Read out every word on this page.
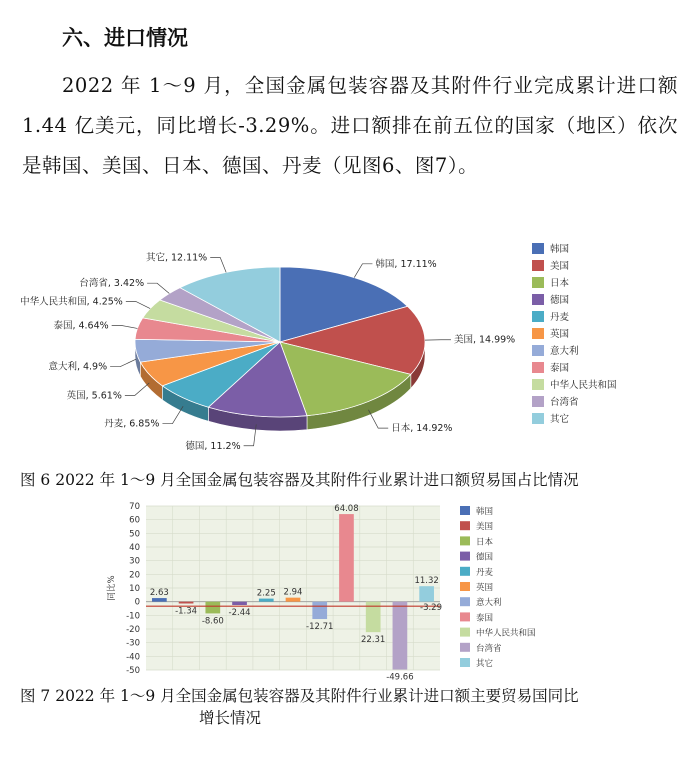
六、进口情况

2022 年 1～9 月，全国金属包装容器及其附件行业完成累计进口额 1.44 亿美元，同比增长-3.29%。进口额排在前五位的国家（地区）依次是韩国、美国、日本、德国、丹麦（见图6、图7）。

韩国, 17.11%
美国, 14.99%
日本, 14.92%
德国, 11.2%
丹麦, 6.85%
英国, 5.61%
意大利, 4.9%
泰国, 4.64%
中华人民共和国, 4.25%
台湾省, 3.42%
其它, 12.11%
韩国
美国
日本
德国
丹麦
英国
意大利
泰国
中华人民共和国
台湾省
其它

图 6 2022 年 1～9 月全国金属包装容器及其附件行业累计进口额贸易国占比情况

70
60
50
40
30
20
10
0
-10
-20
-30
-40
-50
同比%	2.63
-1.34
-8.60
-2.44
2.25 2.94
-12.71
64.08
22.31
-49.66
11.32
-3.29
韩国
美国
日本
德国
丹麦
英国
意大利
泰国
中华人民共和国
台湾省
其它

图 7 2022 年 1～9 月全国金属包装容器及其附件行业累计进口额主要贸易国同比
增长情况
